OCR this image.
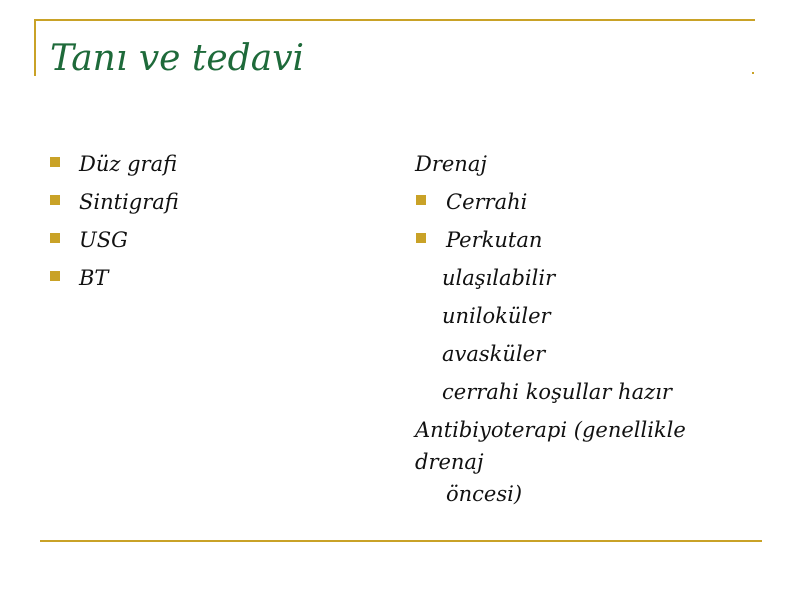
Tanı ve tedavi
Düz grafi
Sintigrafi
USG
BT
Drenaj
Cerrahi
Perkutan
ulaşılabilir
uniloküler
avasküler
cerrahi koşullar hazır
Antibiyoterapi (genellikle drenaj
öncesi)
